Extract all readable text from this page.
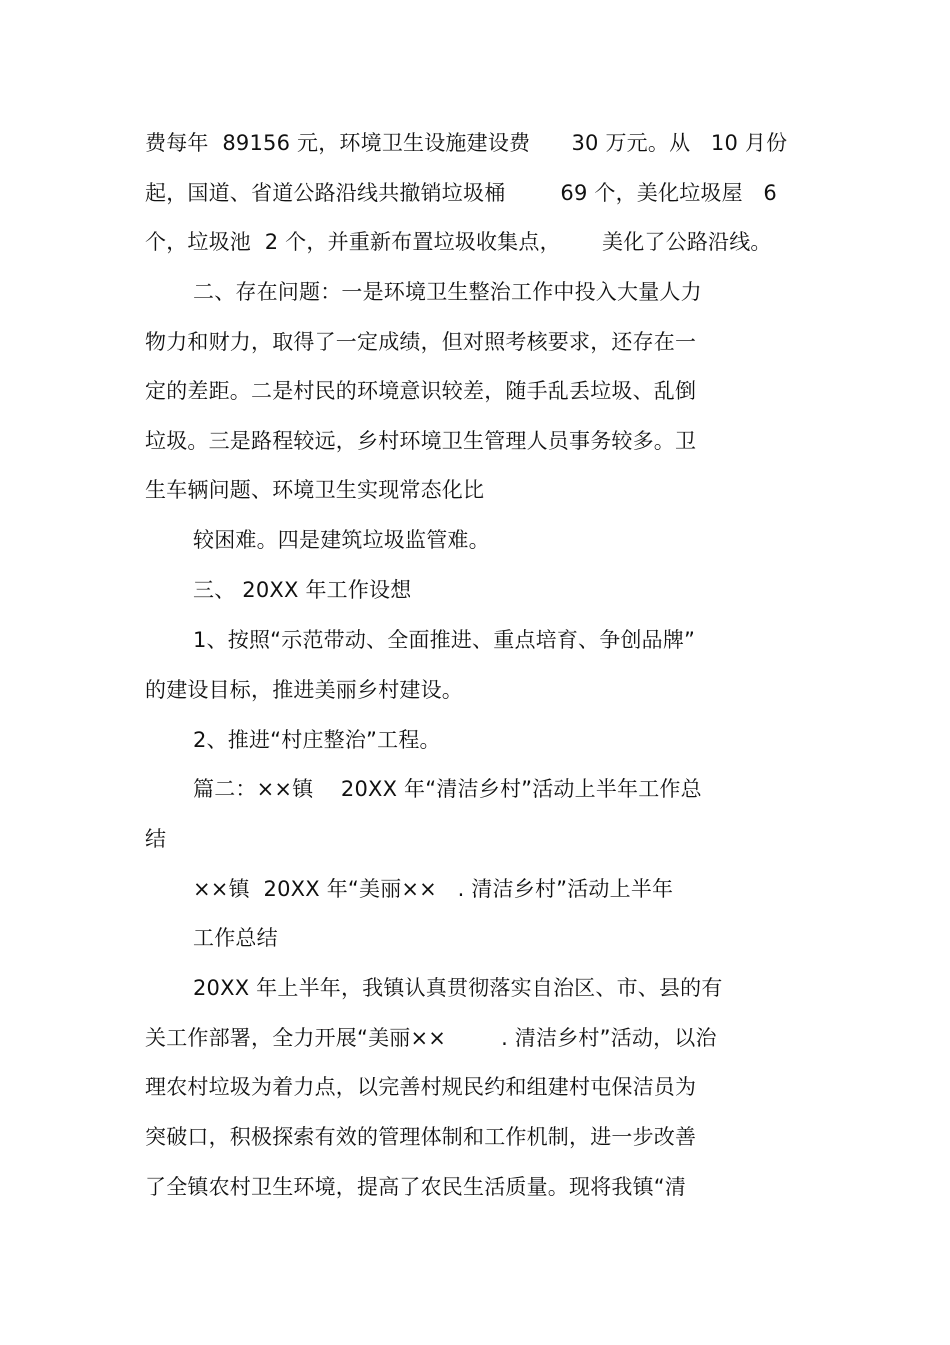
费每年  89156 元，环境卫生设施建设费      30 万元。从   10 月份
起，国道、省道公路沿线共撤销垃圾桶        69 个，美化垃圾屋   6
个，垃圾池  2 个，并重新布置垃圾收集点，      美化了公路沿线。
二、存在问题：一是环境卫生整治工作中投入大量人力
物力和财力，取得了一定成绩，但对照考核要求，还存在一
定的差距。二是村民的环境意识较差，随手乱丢垃圾、乱倒
垃圾。三是路程较远，乡村环境卫生管理人员事务较多。卫
生车辆问题、环境卫生实现常态化比
较困难。四是建筑垃圾监管难。
三、 20XX 年工作设想
1、按照“示范带动、全面推进、重点培育、争创品牌”
的建设目标，推进美丽乡村建设。
2、推进“村庄整治”工程。
篇二：××镇    20XX 年“清洁乡村”活动上半年工作总
结
××镇  20XX 年“美丽××   . 清洁乡村”活动上半年
工作总结
20XX 年上半年，我镇认真贯彻落实自治区、市、县的有
关工作部署，全力开展“美丽××        . 清洁乡村”活动，以治
理农村垃圾为着力点，以完善村规民约和组建村屯保洁员为
突破口，积极探索有效的管理体制和工作机制，进一步改善
了全镇农村卫生环境，提高了农民生活质量。现将我镇“清
